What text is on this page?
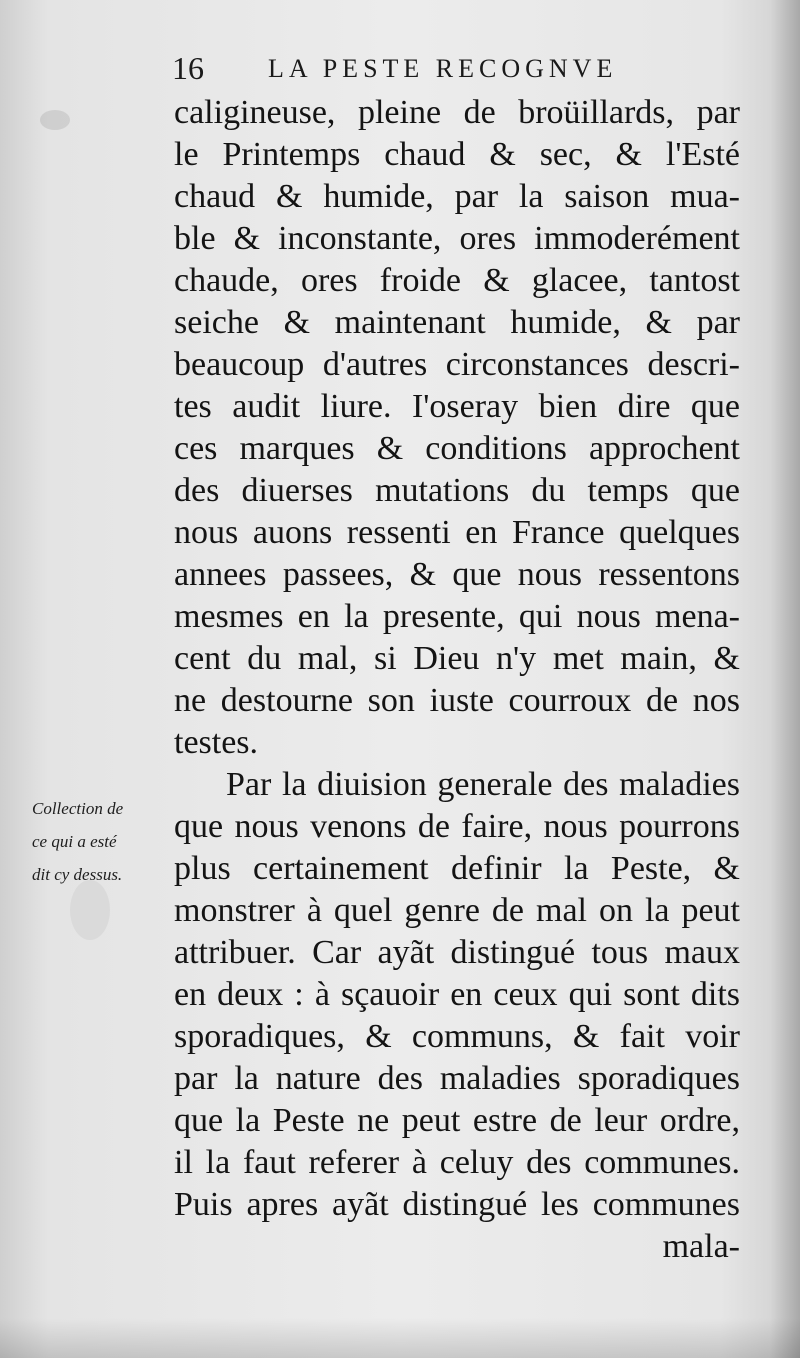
16 LA PESTE RECOGNVE
Collection de
ce qui a esté
dit cy dessus.
caligineuse, pleine de broüillards, par
le Printemps chaud & sec, & l'Esté
chaud & humide, par la saison mua-
ble & inconstante, ores immoderément
chaude, ores froide & glacee, tantost
seiche & maintenant humide, & par
beaucoup d'autres circonstances descri-
tes audit liure. I'oseray bien dire que
ces marques & conditions approchent
des diuerses mutations du temps que
nous auons ressenti en France quelques
annees passees, & que nous ressentons
mesmes en la presente, qui nous mena-
cent du mal, si Dieu n'y met main, &
ne destourne son iuste courroux de nos
testes.
Par la diuision generale des maladies
que nous venons de faire, nous pourrons
plus certainement definir la Peste, &
monstrer à quel genre de mal on la peut
attribuer. Car ayãt distingué tous maux
en deux : à sçauoir en ceux qui sont dits
sporadiques, & communs, & fait voir
par la nature des maladies sporadiques
que la Peste ne peut estre de leur ordre,
il la faut referer à celuy des communes.
Puis apres ayãt distingué les communes
mala-
